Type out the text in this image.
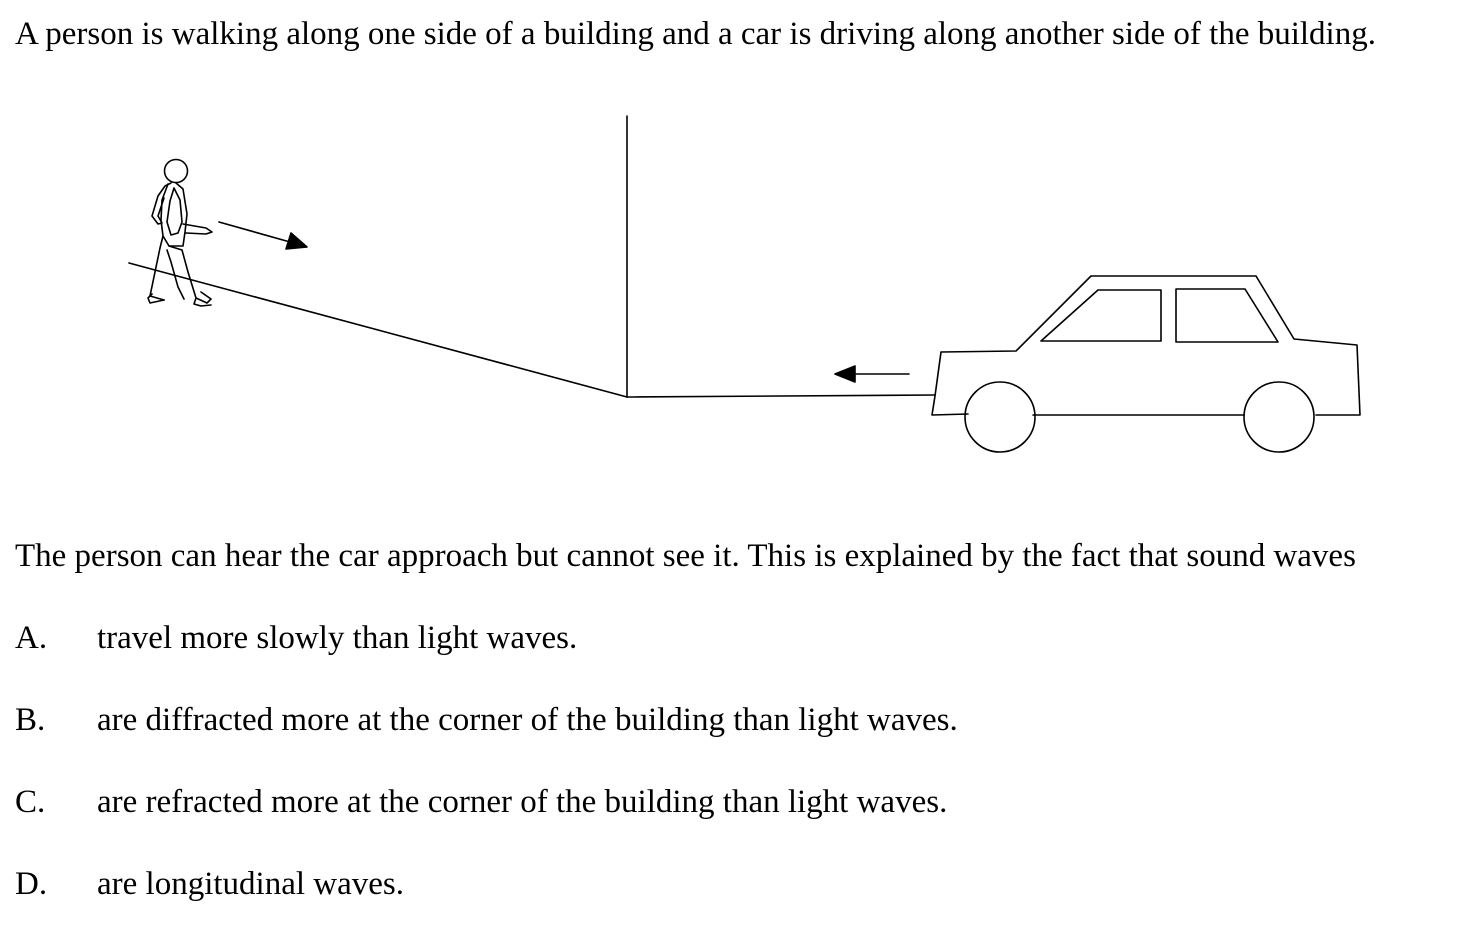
A person is walking along one side of a building and a car is driving along another side of the building.
The person can hear the car approach but cannot see it. This is explained by the fact that sound waves
A. travel more slowly than light waves.
B. are diffracted more at the corner of the building than light waves.
C. are refracted more at the corner of the building than light waves.
D. are longitudinal waves.
